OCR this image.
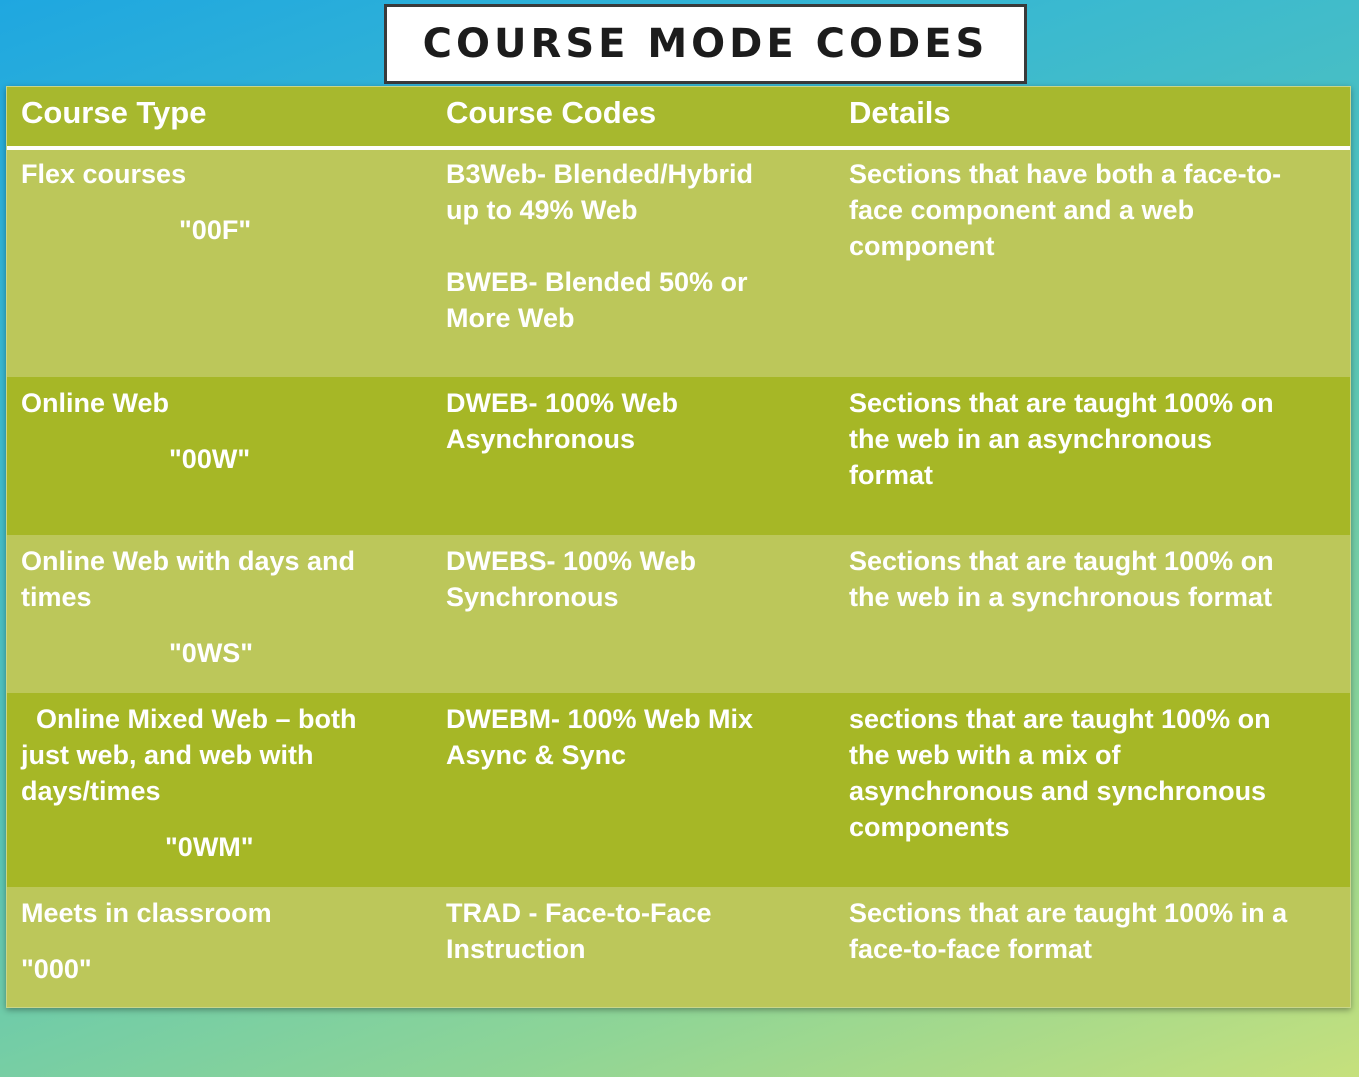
COURSE MODE CODES
Course Type	Course Codes	Details
Flex courses
"00F"
B3Web- Blended/Hybrid
up to 49% Web
BWEB- Blended 50% or
More Web
Sections that have both a face-to-
face component and a web
component
Online Web
"00W"
DWEB- 100% Web
Asynchronous
Sections that are taught 100% on
the web in an asynchronous
format
Online Web with days and
times
"0WS"
DWEBS- 100% Web
Synchronous
Sections that are taught 100% on
the web in a synchronous format
Online Mixed Web – both
just web, and web with
days/times
"0WM"
DWEBM- 100% Web Mix
Async & Sync
sections that are taught 100% on
the web with a mix of
asynchronous and synchronous
components
Meets in classroom
"000"
TRAD - Face-to-Face
Instruction
Sections that are taught 100% in a
face-to-face format
